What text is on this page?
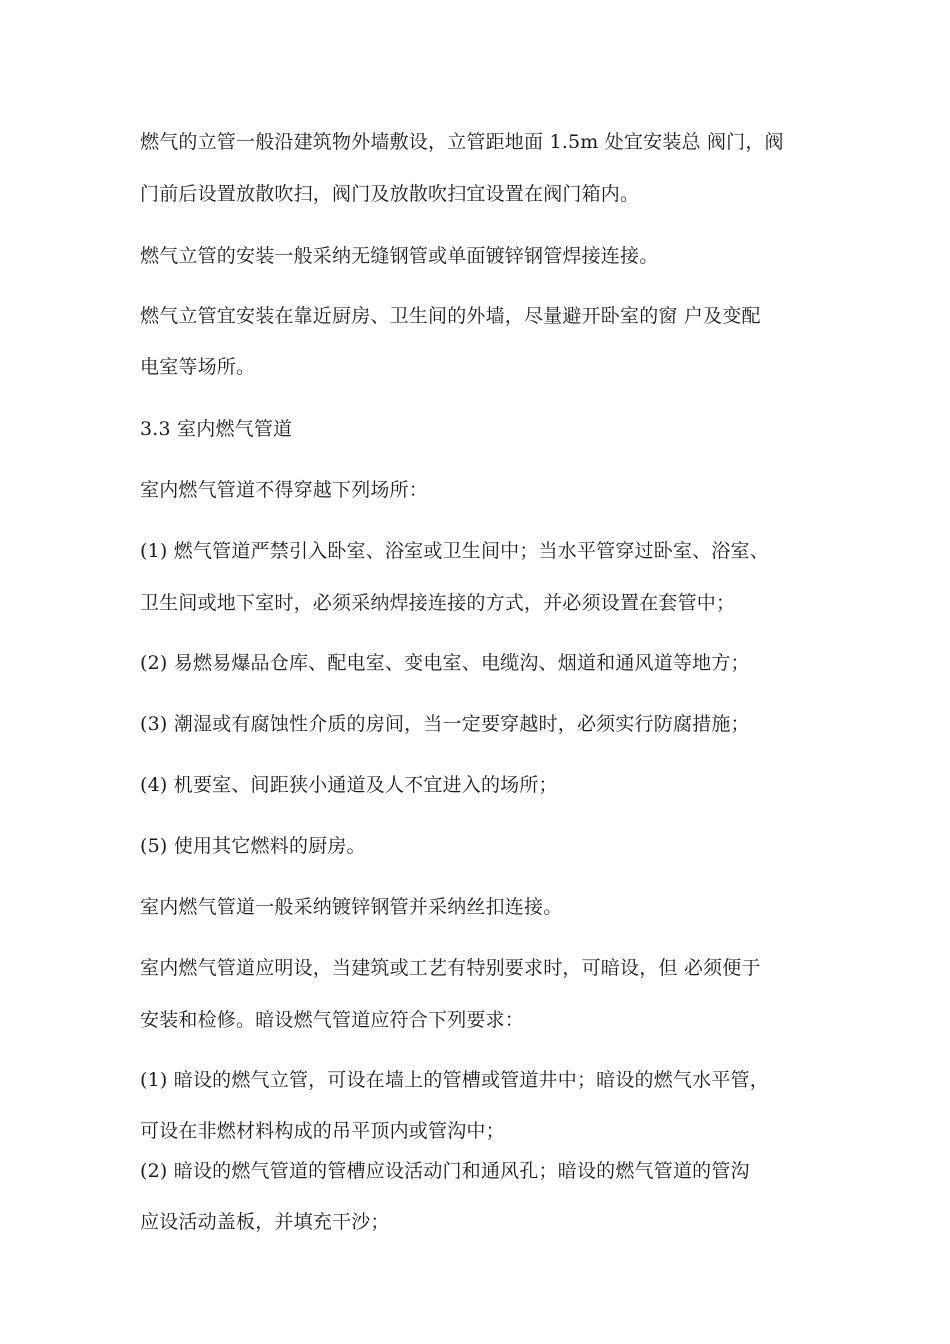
燃气的立管一般沿建筑物外墙敷设，立管距地面 1.5m 处宜安装总 阀门，阀
门前后设置放散吹扫，阀门及放散吹扫宜设置在阀门箱内。
燃气立管的安装一般采纳无缝钢管或单面镀锌钢管焊接连接。
燃气立管宜安装在靠近厨房、卫生间的外墙，尽量避开卧室的窗 户及变配
电室等场所。
3.3 室内燃气管道
室内燃气管道不得穿越下列场所：
(1) 燃气管道严禁引入卧室、浴室或卫生间中；当水平管穿过卧室、浴室、
卫生间或地下室时，必须采纳焊接连接的方式，并必须设置在套管中；
(2) 易燃易爆品仓库、配电室、变电室、电缆沟、烟道和通风道等地方；
(3) 潮湿或有腐蚀性介质的房间，当一定要穿越时，必须实行防腐措施；
(4) 机要室、间距狭小通道及人不宜进入的场所；
(5) 使用其它燃料的厨房。
室内燃气管道一般采纳镀锌钢管并采纳丝扣连接。
室内燃气管道应明设，当建筑或工艺有特别要求时，可暗设，但 必须便于
安装和检修。暗设燃气管道应符合下列要求：
(1) 暗设的燃气立管，可设在墙上的管槽或管道井中；暗设的燃气水平管，
可设在非燃材料构成的吊平顶内或管沟中；
(2) 暗设的燃气管道的管槽应设活动门和通风孔；暗设的燃气管道的管沟
应设活动盖板，并填充干沙；
